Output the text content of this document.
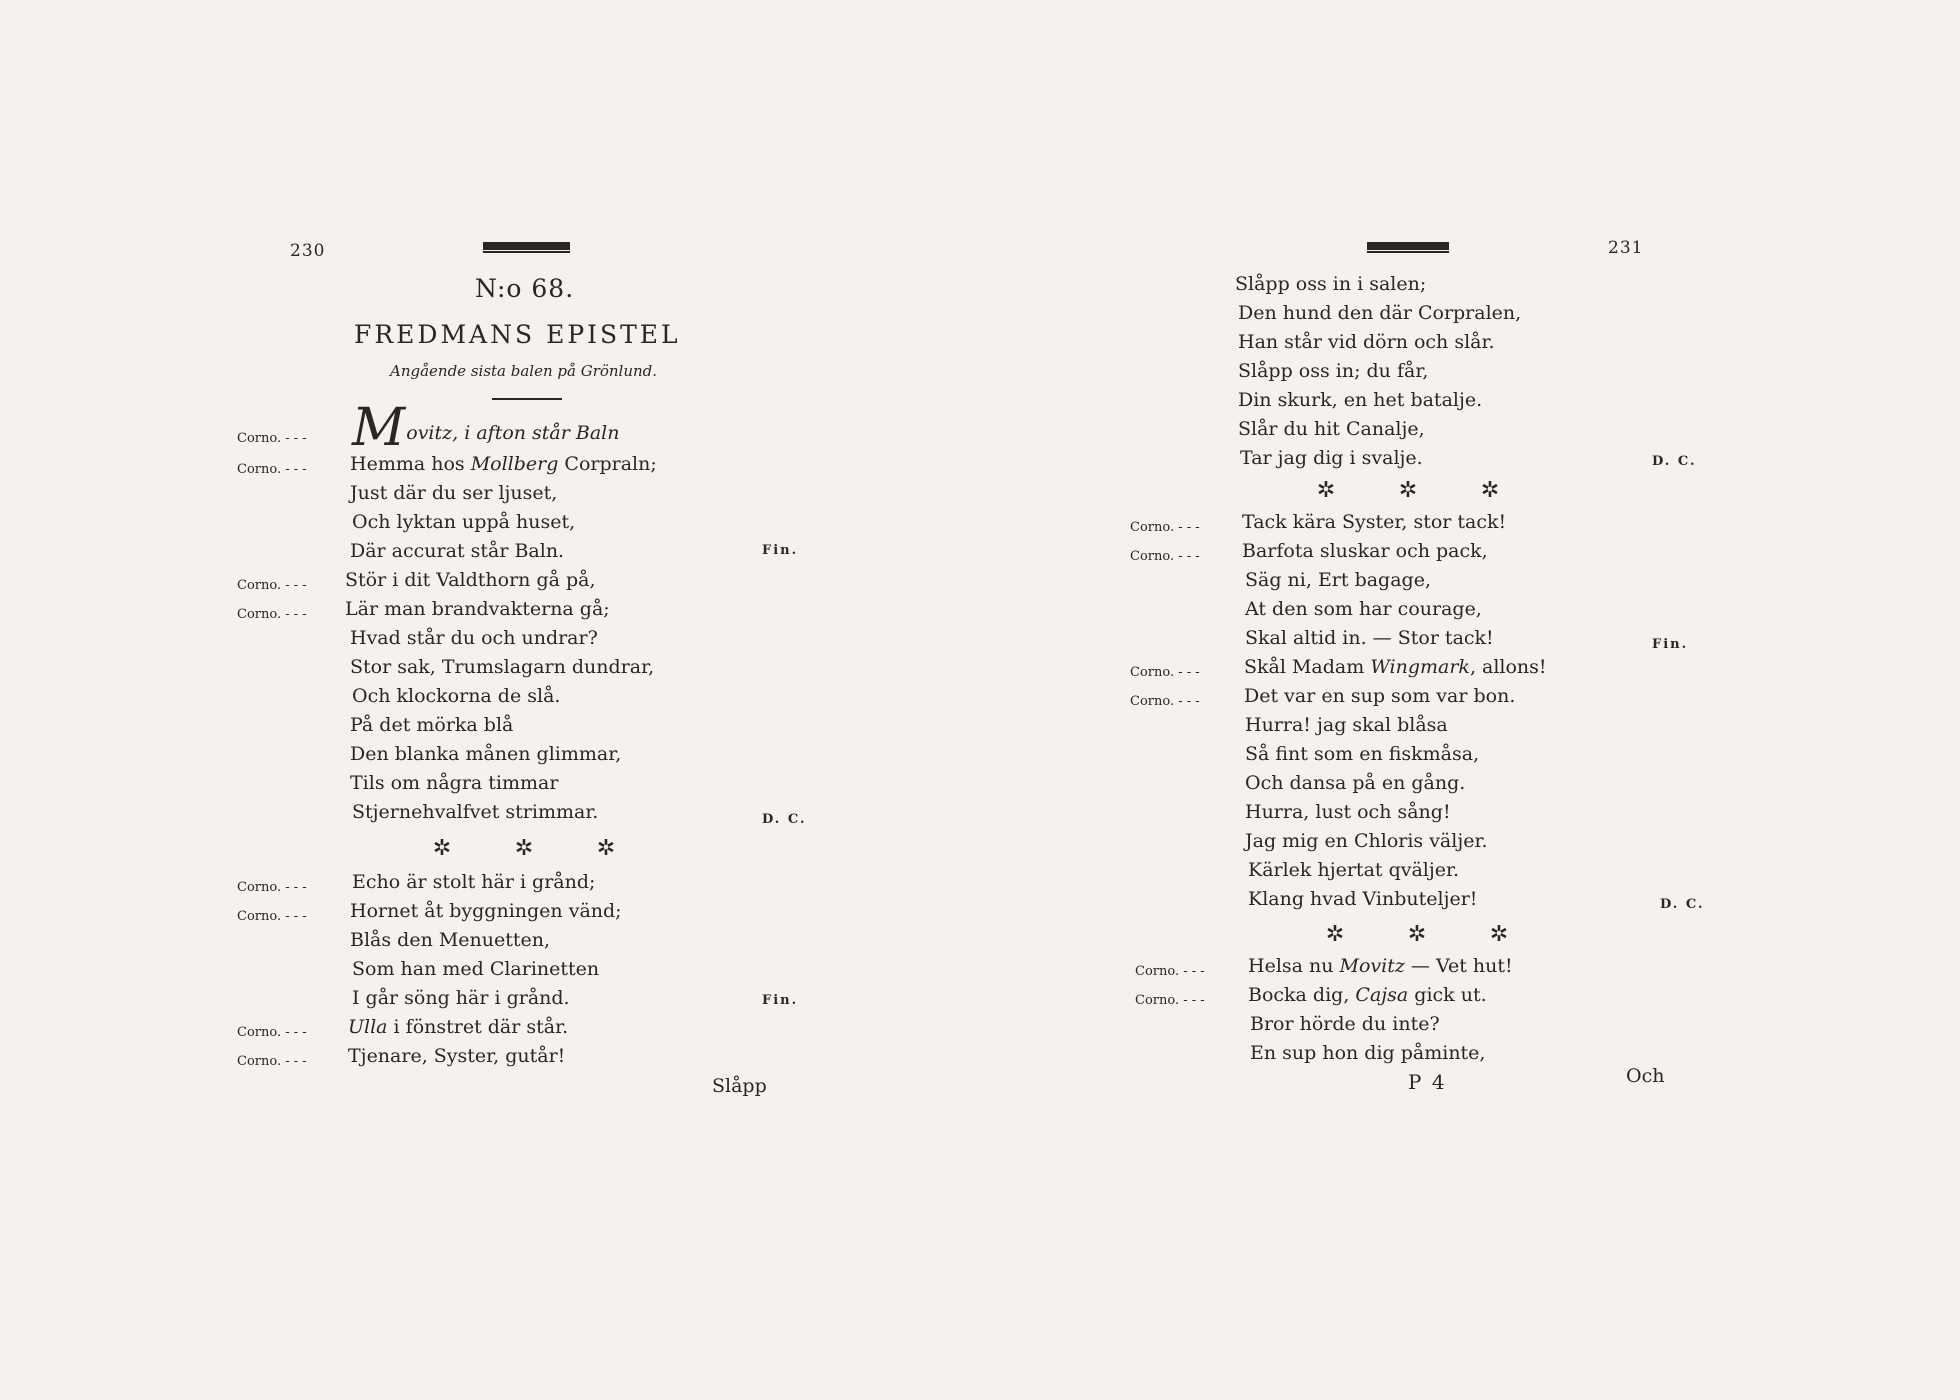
230
N:o 68.
FREDMANS EPISTEL
Angående sista balen på Grönlund.
Corno. - - - Movitz, i afton står Baln
Corno. - - - Hemma hos Mollberg Corpraln;
Just där du ser ljuset,
Och lyktan uppå huset,
Där accurat står Baln.
Corno. - - - Stör i dit Valdthorn gå på,
Corno. - - - Lär man brandvakterna gå;
Hvad står du och undrar?
Stor sak, Trumslagarn dundrar,
Och klockorna de slå.
På det mörka blå
Den blanka månen glimmar,
Tils om några timmar
Stjernehvalfvet strimmar.
Fin.
D. C.
✲	✲	✲
Corno. - - - Echo är stolt här i grånd;
Corno. - - - Hornet åt byggningen vänd;
Blås den Menuetten,
Som han med Clarinetten
I går söng här i grånd.
Corno. - - - Ulla i fönstret där står.
Corno. - - - Tjenare, Syster, gutår!
Fin.
Slåpp
231
Slåpp oss in i salen;
Den hund den där Corpralen,
Han står vid dörn och slår.
Slåpp oss in; du får,
Din skurk, en het batalje.
Slår du hit Canalje,
Tar jag dig i svalje.	D. C.
✲	✲	✲
Corno. - - - Tack kära Syster, stor tack!
Corno. - - - Barfota sluskar och pack,
Säg ni, Ert bagage,
At den som har courage,
Skal altid in. — Stor tack!	Fin.
Corno. - - - Skål Madam Wingmark, allons!
Corno. - - - Det var en sup som var bon.
Hurra! jag skal blåsa
Så fint som en fiskmåsa,
Och dansa på en gång.
Hurra, lust och sång!
Jag mig en Chloris väljer.
Kärlek hjertat qväljer.
Klang hvad Vinbuteljer!	D. C.
✲	✲	✲
Corno. - - - Helsa nu Movitz — Vet hut!
Corno. - - - Bocka dig, Cajsa gick ut.
Bror hörde du inte?
En sup hon dig påminte,
P 4	Och
